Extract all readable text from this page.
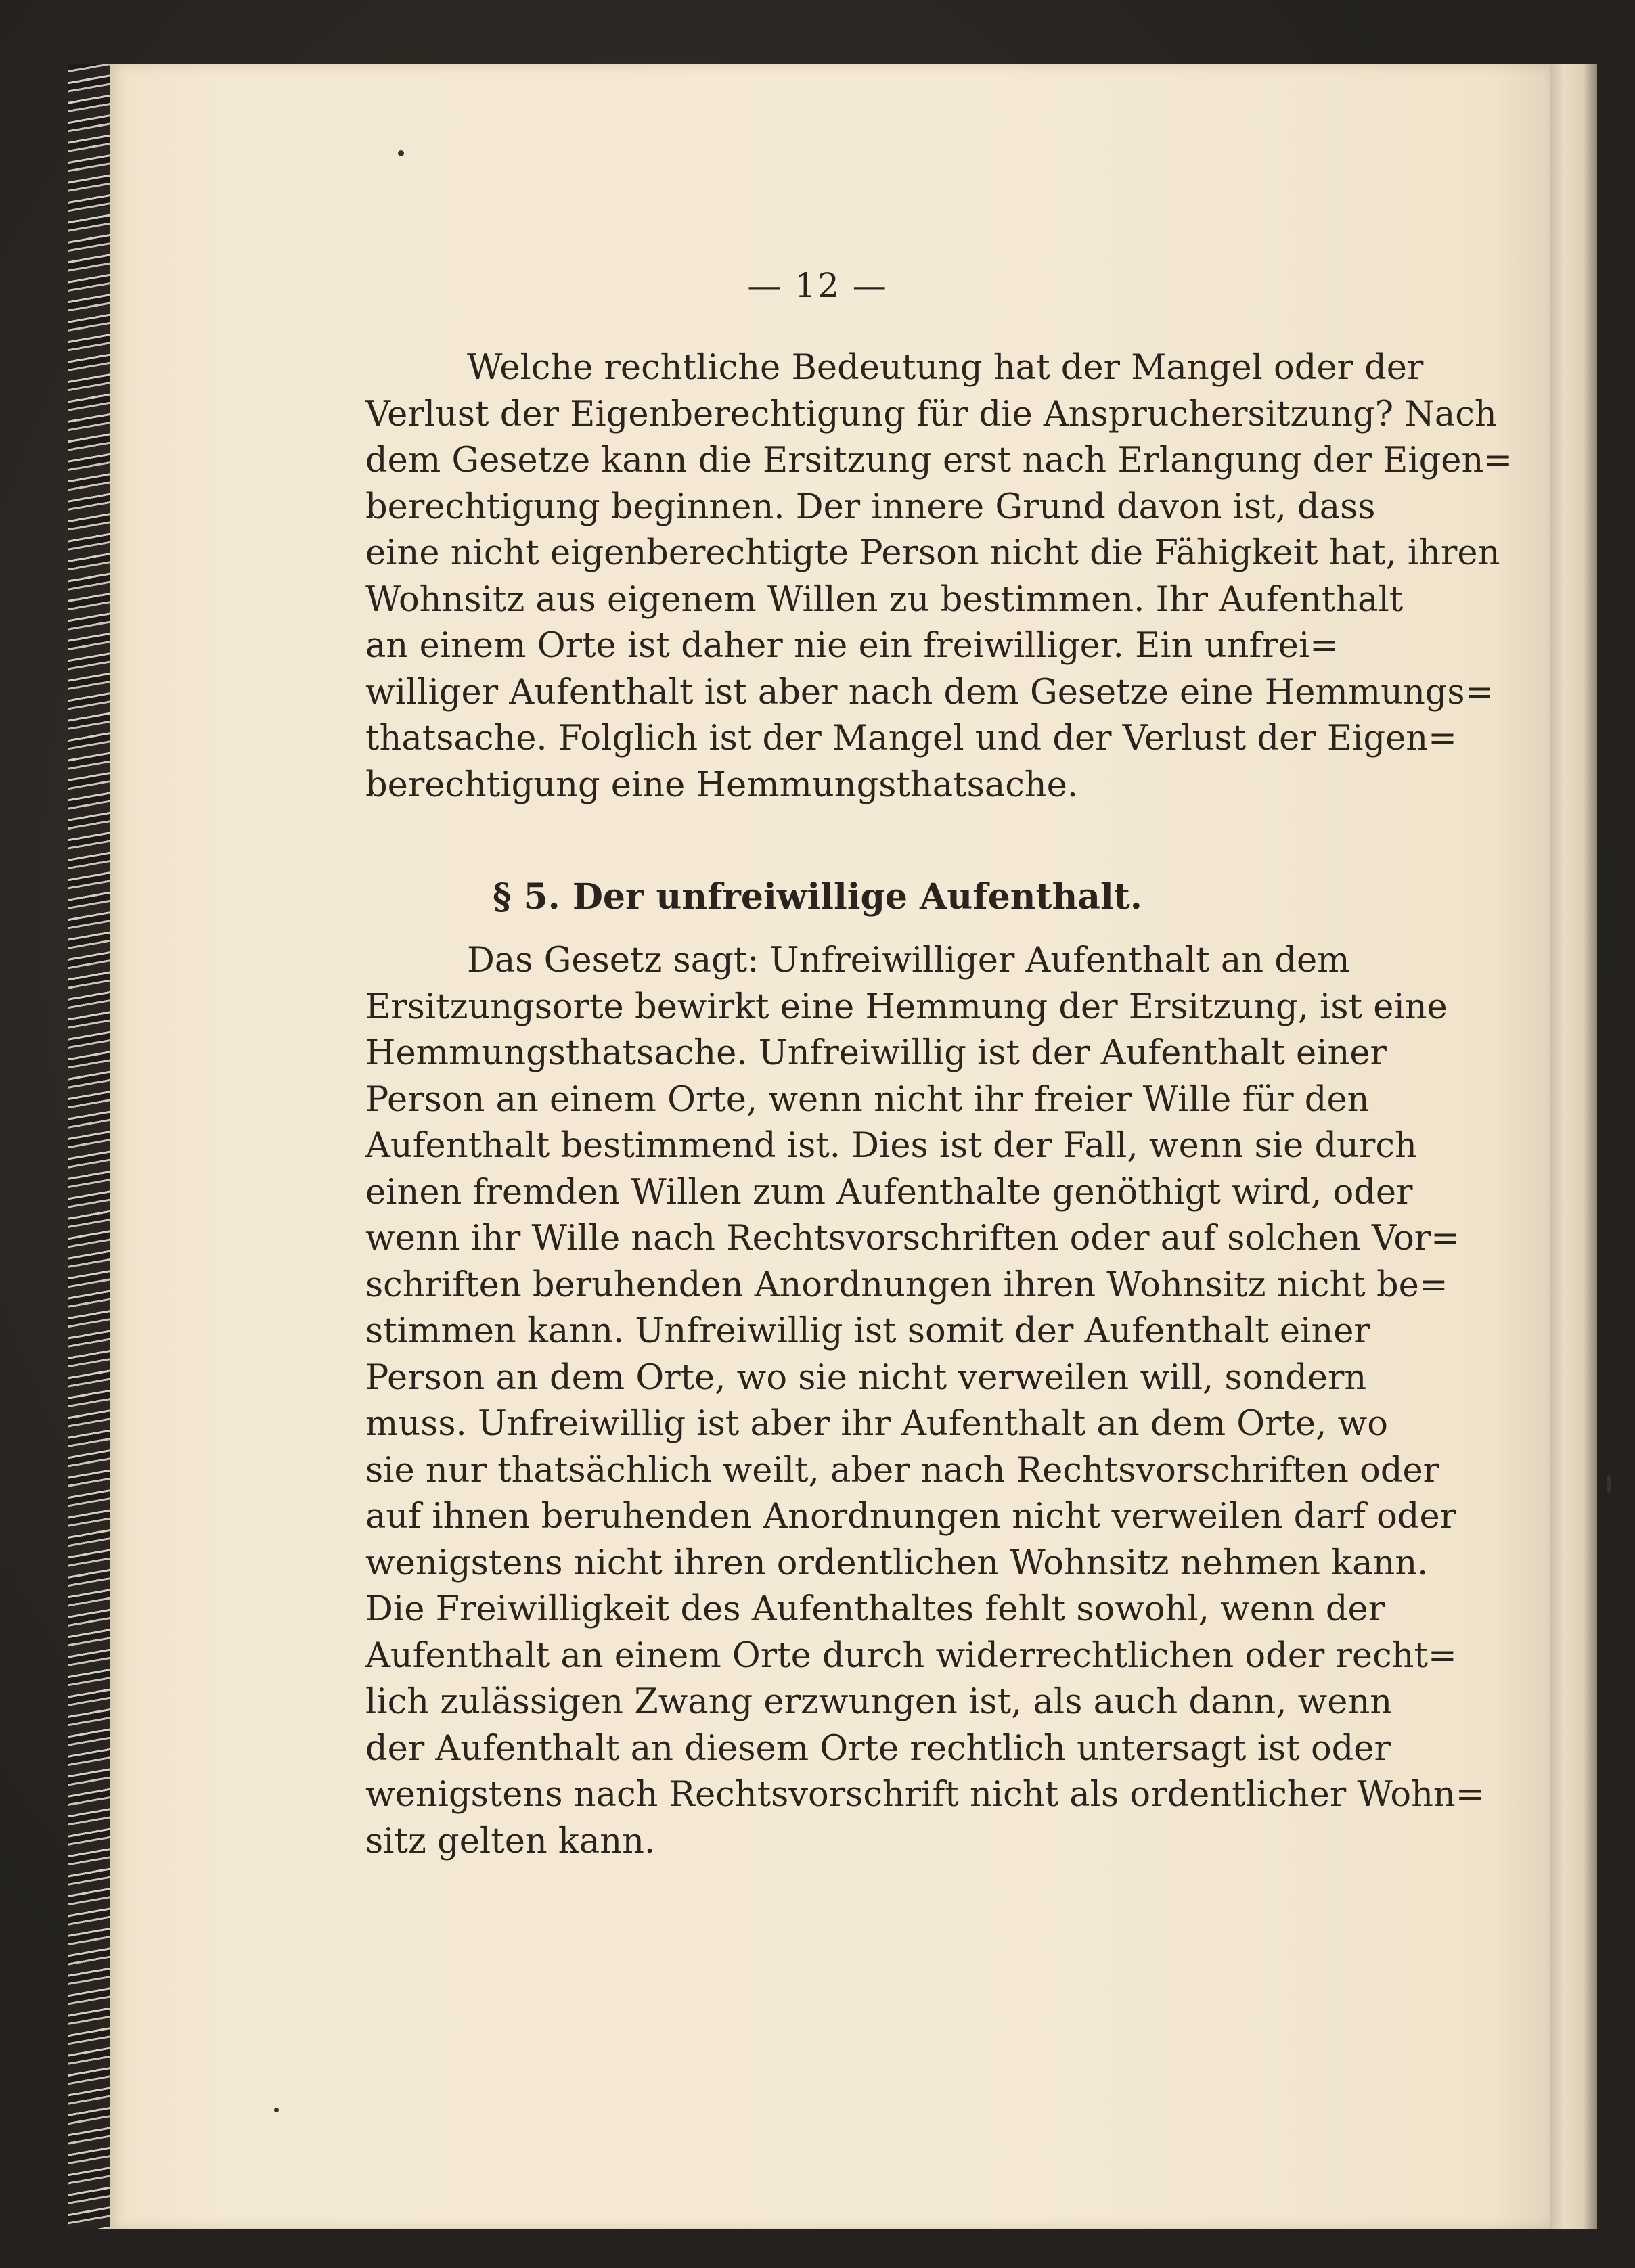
— 12 —
Welche rechtliche Bedeutung hat der Mangel oder der
Verlust der Eigenberechtigung für die Anspruchersitzung? Nach
dem Gesetze kann die Ersitzung erst nach Erlangung der Eigen=
berechtigung beginnen. Der innere Grund davon ist, dass
eine nicht eigenberechtigte Person nicht die Fähigkeit hat, ihren
Wohnsitz aus eigenem Willen zu bestimmen. Ihr Aufenthalt
an einem Orte ist daher nie ein freiwilliger. Ein unfrei=
williger Aufenthalt ist aber nach dem Gesetze eine Hemmungs=
thatsache. Folglich ist der Mangel und der Verlust der Eigen=
berechtigung eine Hemmungsthatsache.
§ 5. Der unfreiwillige Aufenthalt.
Das Gesetz sagt: Unfreiwilliger Aufenthalt an dem
Ersitzungsorte bewirkt eine Hemmung der Ersitzung, ist eine
Hemmungsthatsache. Unfreiwillig ist der Aufenthalt einer
Person an einem Orte, wenn nicht ihr freier Wille für den
Aufenthalt bestimmend ist. Dies ist der Fall, wenn sie durch
einen fremden Willen zum Aufenthalte genöthigt wird, oder
wenn ihr Wille nach Rechtsvorschriften oder auf solchen Vor=
schriften beruhenden Anordnungen ihren Wohnsitz nicht be=
stimmen kann. Unfreiwillig ist somit der Aufenthalt einer
Person an dem Orte, wo sie nicht verweilen will, sondern
muss. Unfreiwillig ist aber ihr Aufenthalt an dem Orte, wo
sie nur thatsächlich weilt, aber nach Rechtsvorschriften oder
auf ihnen beruhenden Anordnungen nicht verweilen darf oder
wenigstens nicht ihren ordentlichen Wohnsitz nehmen kann.
Die Freiwilligkeit des Aufenthaltes fehlt sowohl, wenn der
Aufenthalt an einem Orte durch widerrechtlichen oder recht=
lich zulässigen Zwang erzwungen ist, als auch dann, wenn
der Aufenthalt an diesem Orte rechtlich untersagt ist oder
wenigstens nach Rechtsvorschrift nicht als ordentlicher Wohn=
sitz gelten kann.
